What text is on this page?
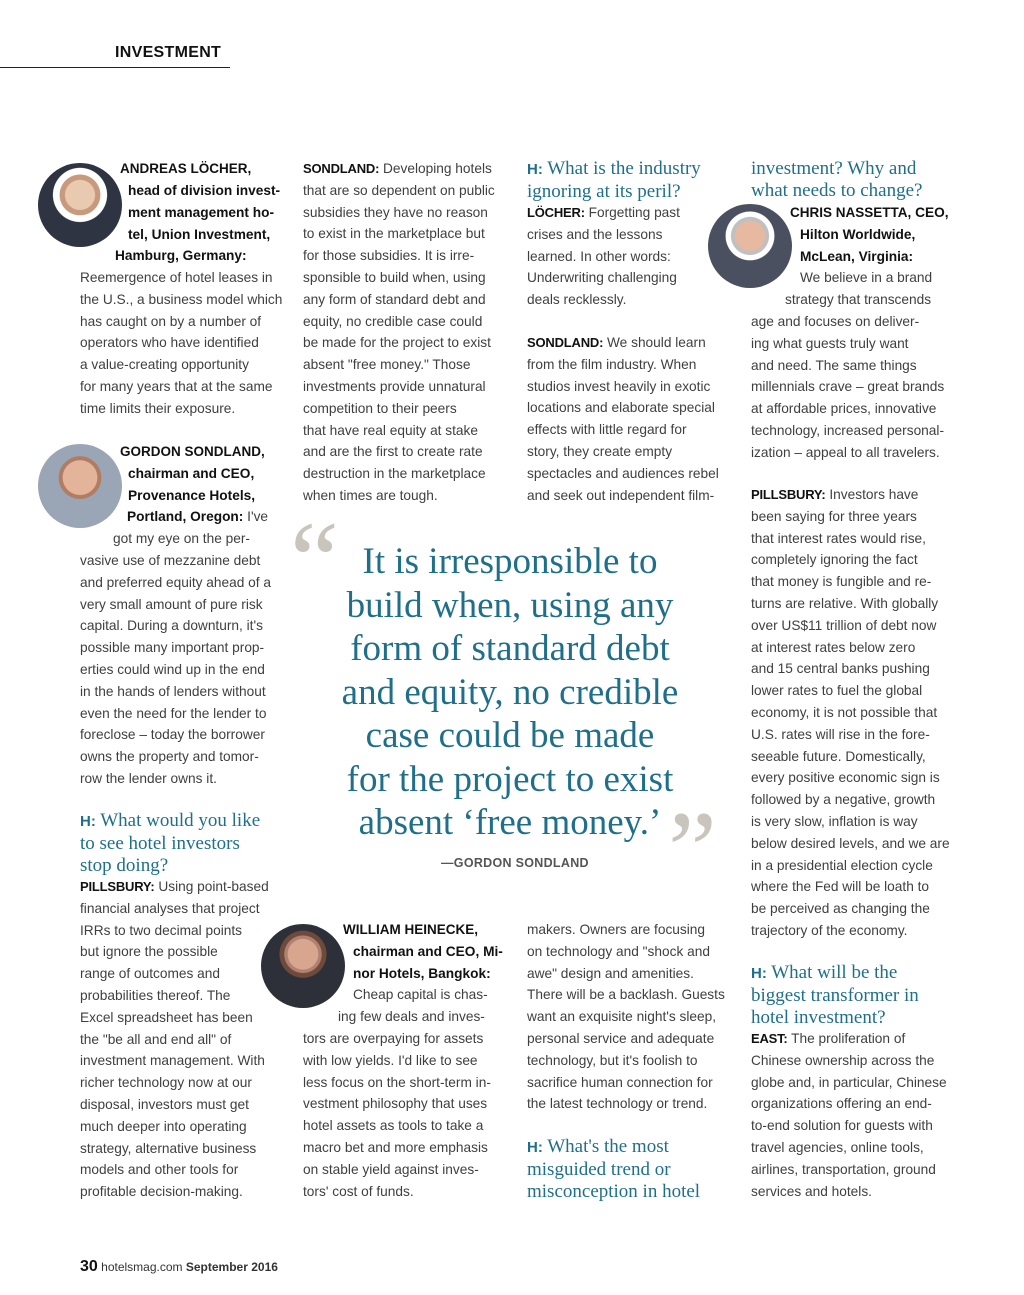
INVESTMENT
ANDREAS LÖCHER,
head of division invest-
ment management ho-
tel, Union Investment,
Hamburg, Germany:

Reemergence of hotel leases in

the U.S., a business model which

has caught on by a number of

operators who have identified

a value-creating opportunity

for many years that at the same

time limits their exposure.

GORDON SONDLAND,
chairman and CEO,
Provenance Hotels,
Portland, Oregon: I've

got my eye on the per-

vasive use of mezzanine debt

and preferred equity ahead of a

very small amount of pure risk

capital. During a downturn, it's

possible many important prop-

erties could wind up in the end

in the hands of lenders without

even the need for the lender to

foreclose – today the borrower

owns the property and tomor-

row the lender owns it.

H: What would you like
to see hotel investors
stop doing?

PILLSBURY: Using point-based

financial analyses that project

IRRs to two decimal points

but ignore the possible

range of outcomes and

probabilities thereof. The

Excel spreadsheet has been

the "be all and end all" of

investment management. With

richer technology now at our

disposal, investors must get

much deeper into operating

strategy, alternative business

models and other tools for

profitable decision-making.

SONDLAND: Developing hotels

that are so dependent on public

subsidies they have no reason

to exist in the marketplace but

for those subsidies. It is irre-

sponsible to build when, using

any form of standard debt and

equity, no credible case could

be made for the project to exist

absent "free money." Those

investments provide unnatural

competition to their peers

that have real equity at stake

and are the first to create rate

destruction in the marketplace

when times are tough.

WILLIAM HEINECKE,
chairman and CEO, Mi-
nor Hotels, Bangkok:
Cheap capital is chas-

ing few deals and inves-

tors are overpaying for assets

with low yields. I'd like to see

less focus on the short-term in-

vestment philosophy that uses

hotel assets as tools to take a

macro bet and more emphasis

on stable yield against inves-

tors' cost of funds.

H: What is the industry
ignoring at its peril?

LÖCHER: Forgetting past

crises and the lessons

learned. In other words:

Underwriting challenging

deals recklessly.

SONDLAND: We should learn

from the film industry. When

studios invest heavily in exotic

locations and elaborate special

effects with little regard for

story, they create empty

spectacles and audiences rebel

and seek out independent film-

makers. Owners are focusing

on technology and "shock and

awe" design and amenities.

There will be a backlash. Guests

want an exquisite night's sleep,

personal service and adequate

technology, but it's foolish to

sacrifice human connection for

the latest technology or trend.

H: What's the most
misguided trend or
misconception in hotel
investment? Why and
what needs to change?
CHRIS NASSETTA, CEO,
Hilton Worldwide,
McLean, Virginia:
We believe in a brand

strategy that transcends

age and focuses on deliver-

ing what guests truly want

and need. The same things

millennials crave – great brands

at affordable prices, innovative

technology, increased personal-

ization – appeal to all travelers.

PILLSBURY: Investors have

been saying for three years

that interest rates would rise,

completely ignoring the fact

that money is fungible and re-

turns are relative. With globally

over US$11 trillion of debt now

at interest rates below zero

and 15 central banks pushing

lower rates to fuel the global

economy, it is not possible that

U.S. rates will rise in the fore-

seeable future. Domestically,

every positive economic sign is

followed by a negative, growth

is very slow, inflation is way

below desired levels, and we are

in a presidential election cycle

where the Fed will be loath to

be perceived as changing the

trajectory of the economy.

H: What will be the
biggest transformer in
hotel investment?

EAST: The proliferation of

Chinese ownership across the

globe and, in particular, Chinese

organizations offering an end-

to-end solution for guests with

travel agencies, online tools,

airlines, transportation, ground

services and hotels.

“ It is irresponsible to
build when, using any
form of standard debt
and equity, no credible
case could be made
for the project to exist
absent ‘free money.’ ”
—GORDON SONDLAND
30 hotelsmag.com September 2016
